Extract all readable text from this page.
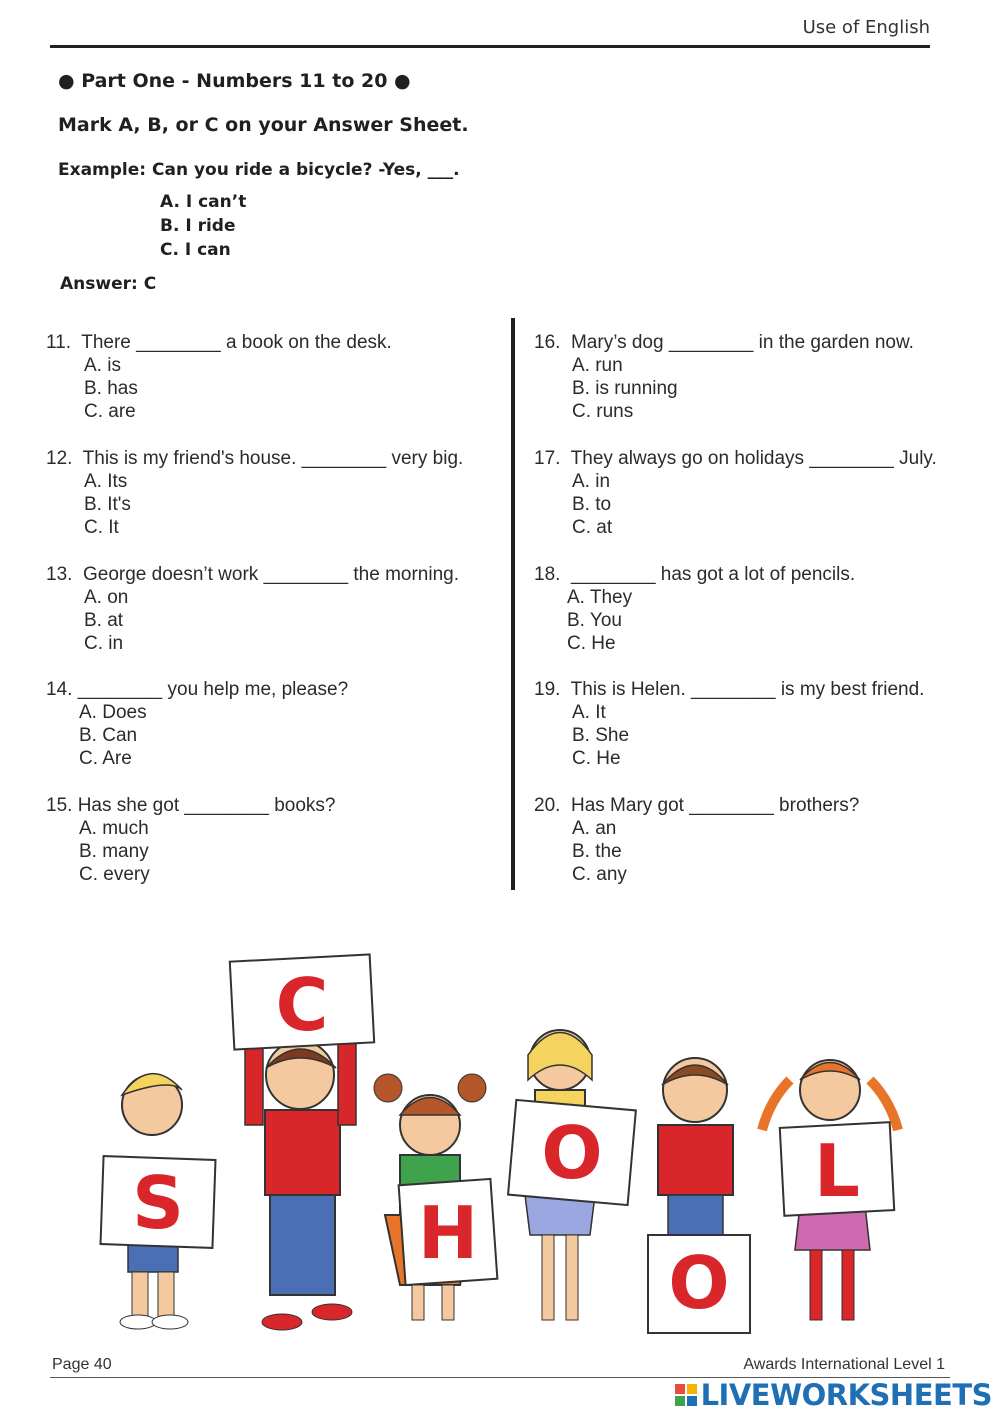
Use of English
● Part One - Numbers 11 to 20 ●
Mark A, B, or C on your Answer Sheet.
Example: Can you ride a bicycle? -Yes, ___.
A. I can’t
B. I ride
C. I can
Answer: C
11. There ________ a book on the desk.
A. is
B. has
C. are
12. This is my friend's house. ________ very big.
A. Its
B. It's
C. It
13. George doesn’t work ________ the morning.
A. on
B. at
C. in
14. ________ you help me, please?
A. Does
B. Can
C. Are
15. Has she got ________ books?
A. much
B. many
C. every
16. Mary’s dog ________ in the garden now.
A. run
B. is running
C. runs
17. They always go on holidays ________ July.
A. in
B. to
C. at
18. ________ has got a lot of pencils.
A. They
B. You
C. He
19. This is Helen. ________ is my best friend.
A. It
B. She
C. He
20. Has Mary got ________ brothers?
A. an
B. the
C. any
S
C
H
O
O
L
Page 40	Awards International Level 1
LIVEWORKSHEETS
